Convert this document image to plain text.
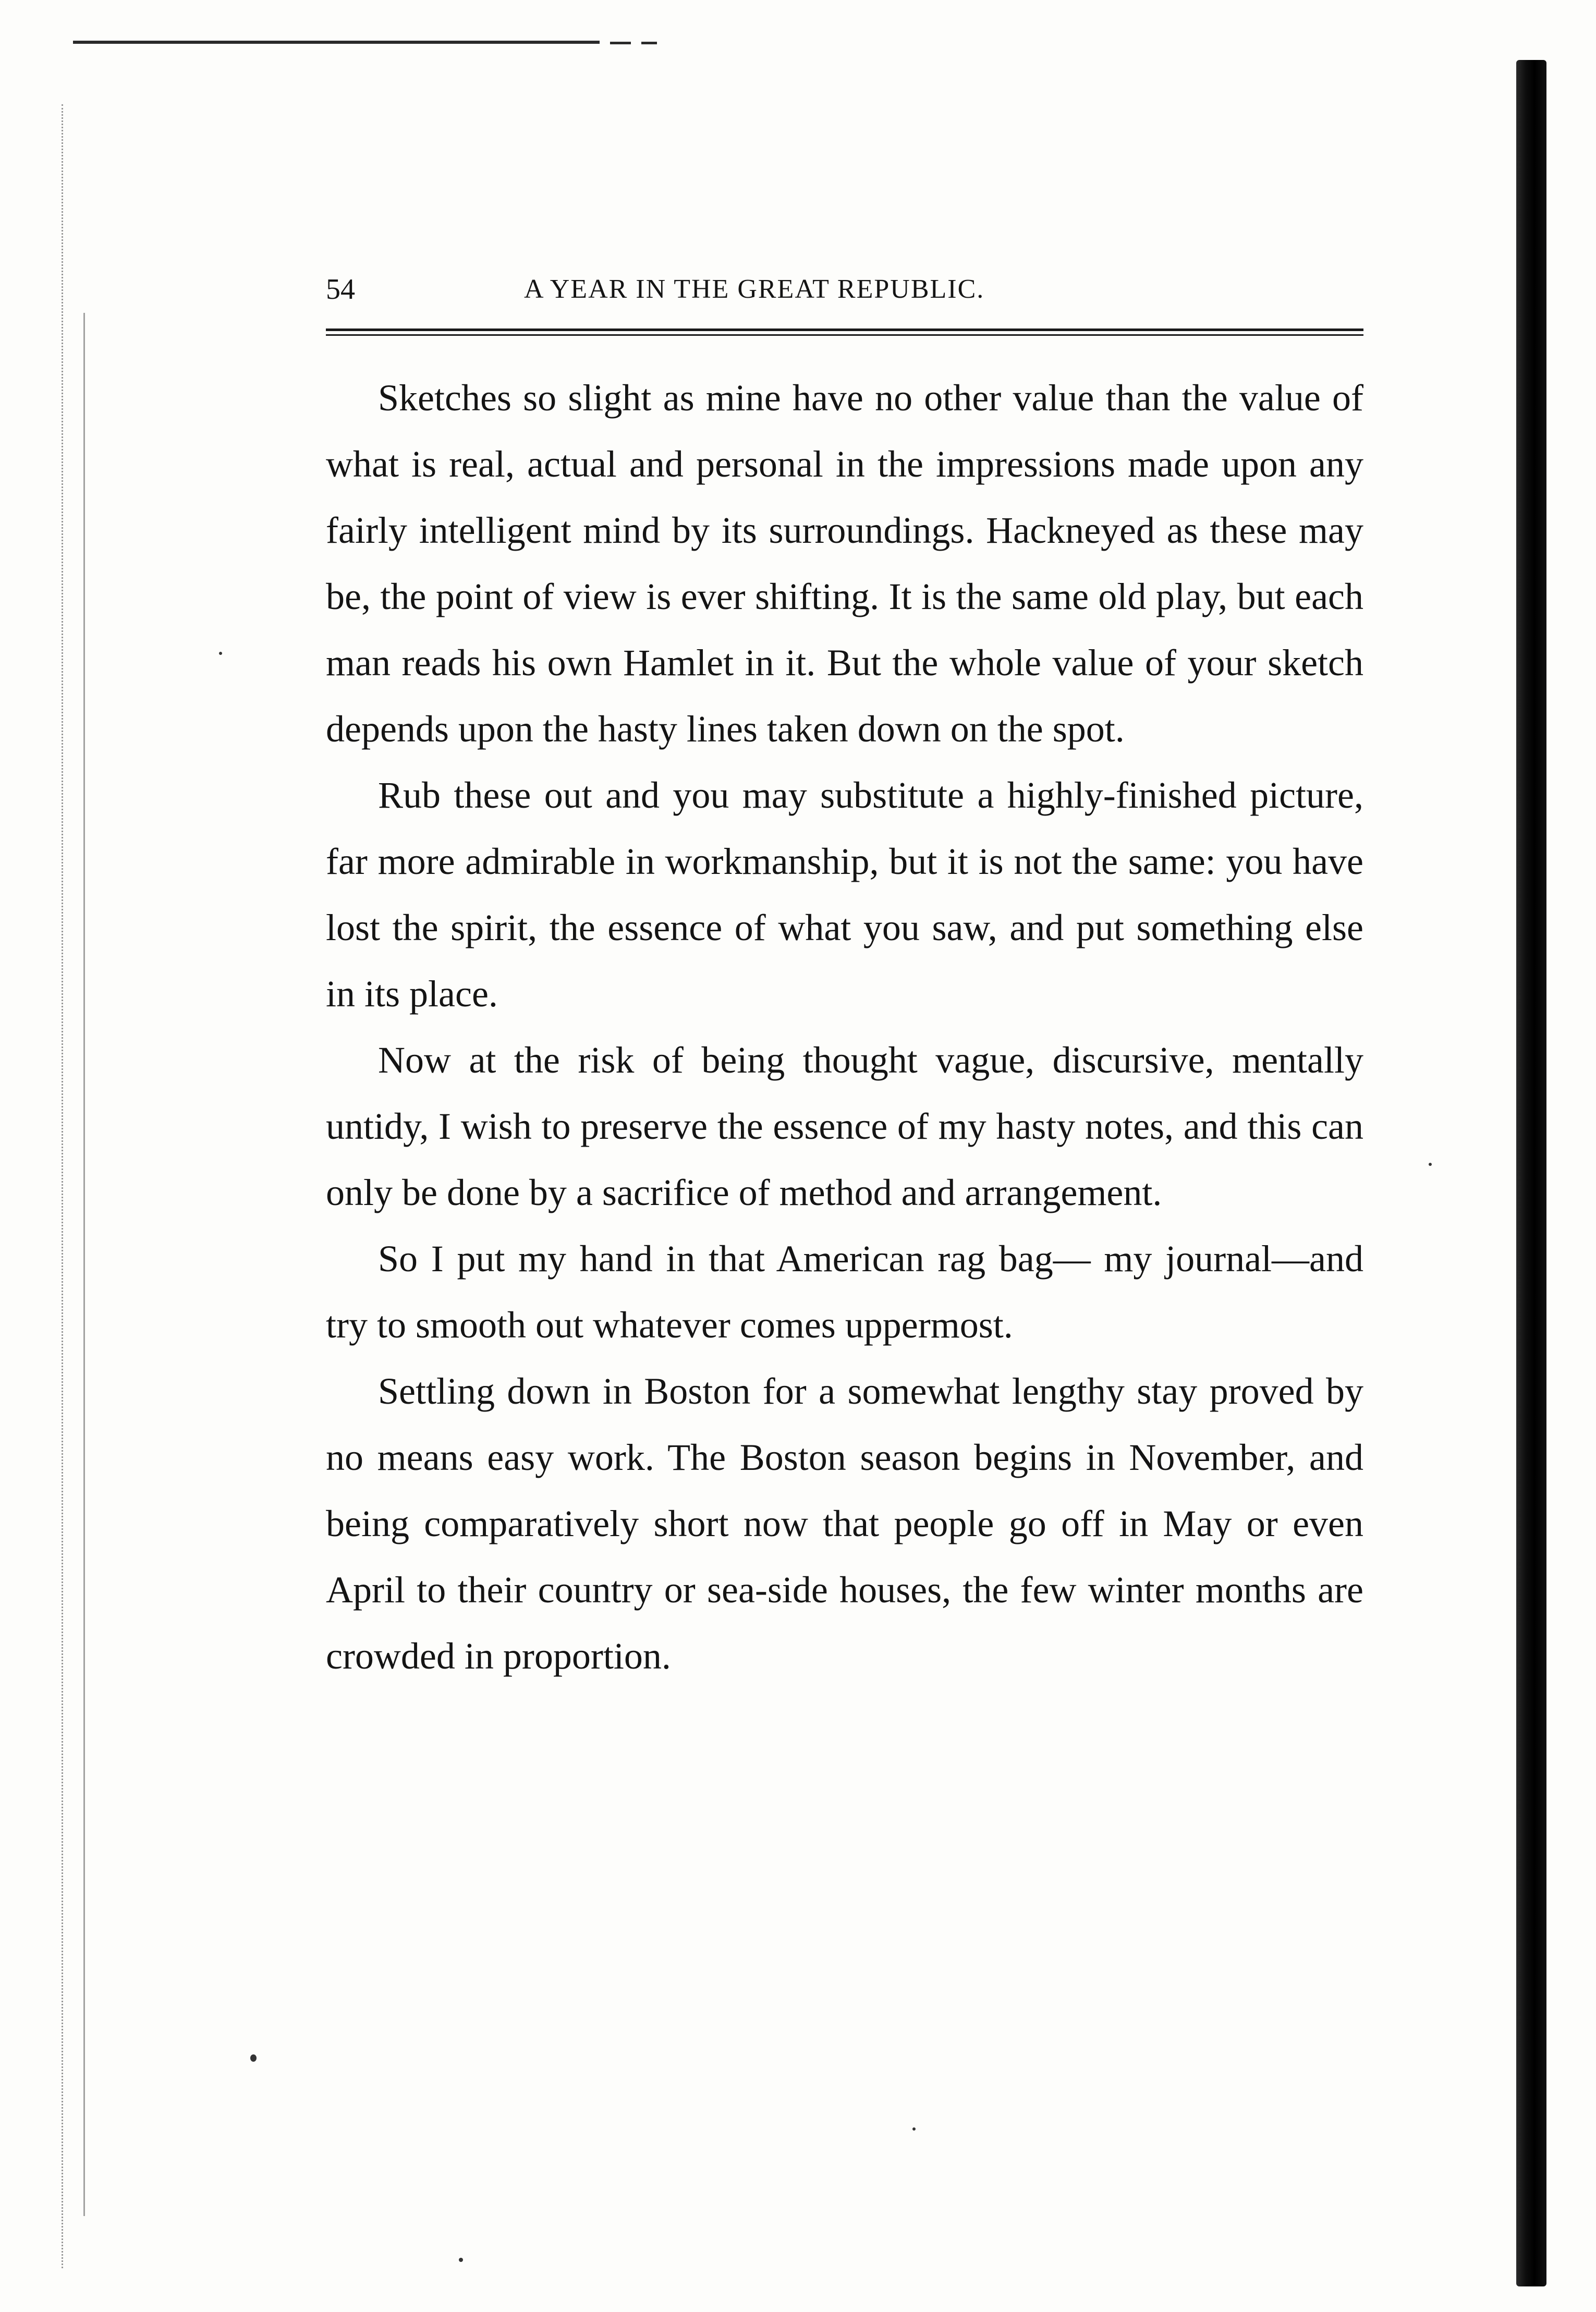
54	A YEAR IN THE GREAT REPUBLIC.

Sketches so slight as mine have no other value than the value of what is real, actual and personal in the impressions made upon any fairly intelligent mind by its surroundings. Hackneyed as these may be, the point of view is ever shifting. It is the same old play, but each man reads his own Hamlet in it. But the whole value of your sketch depends upon the hasty lines taken down on the spot.

Rub these out and you may substitute a highly-finished picture, far more admirable in workmanship, but it is not the same: you have lost the spirit, the essence of what you saw, and put something else in its place.

Now at the risk of being thought vague, discursive, mentally untidy, I wish to preserve the essence of my hasty notes, and this can only be done by a sacrifice of method and arrangement.

So I put my hand in that American rag bag— my journal—and try to smooth out whatever comes uppermost.

Settling down in Boston for a somewhat lengthy stay proved by no means easy work. The Boston season begins in November, and being comparatively short now that people go off in May or even April to their country or sea-side houses, the few winter months are crowded in proportion.
